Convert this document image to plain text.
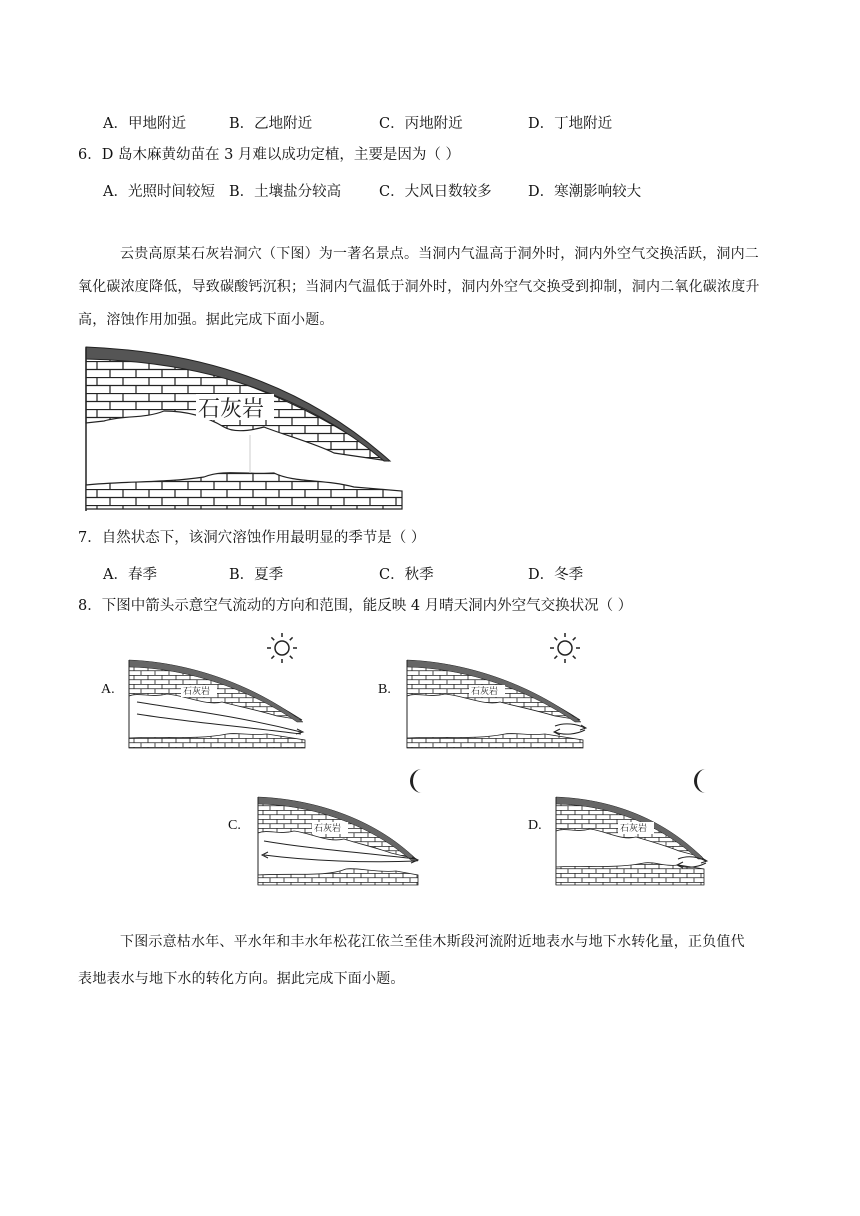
A．甲地附近	B．乙地附近	C．丙地附近	D．丁地附近
6．D 岛木麻黄幼苗在 3 月难以成功定植，主要是因为（ ）
A．光照时间较短 B．土壤盐分较高	C．大风日数较多	D．寒潮影响较大
云贵高原某石灰岩洞穴（下图）为一著名景点。当洞内气温高于洞外时，洞内外空气交换活跃，洞内二
氧化碳浓度降低，导致碳酸钙沉积；当洞内气温低于洞外时，洞内外空气交换受到抑制，洞内二氧化碳浓度升
高，溶蚀作用加强。据此完成下面小题。
石灰岩
7．自然状态下，该洞穴溶蚀作用最明显的季节是（ ）
A．春季	B．夏季	C．秋季	D．冬季
8．下图中箭头示意空气流动的方向和范围，能反映 4 月晴天洞内外空气交换状况（ ）
A.	石灰岩	B.	石灰岩
C.	石灰岩	D.	石灰岩
下图示意枯水年、平水年和丰水年松花江依兰至佳木斯段河流附近地表水与地下水转化量，正负值代
表地表水与地下水的转化方向。据此完成下面小题。
